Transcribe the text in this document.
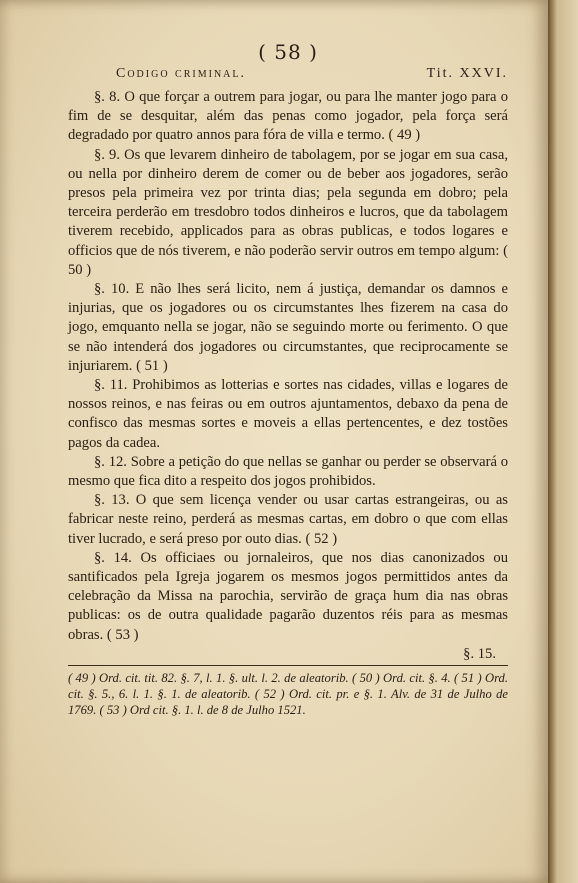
( 58 )
Codigo criminal.	Tit. XXVI.

§. 8. O que forçar a outrem para jogar, ou para lhe manter jogo para o fim de se desquitar, além das penas como jogador, pela força será degradado por quatro annos para fóra de villa e termo. ( 49 )

§. 9. Os que levarem dinheiro de tabolagem, por se jogar em sua casa, ou nella por dinheiro derem de comer ou de beber aos jogadores, serão presos pela primeira vez por trinta dias; pela segunda em dobro; pela terceira perderão em tresdobro todos dinheiros e lucros, que da tabolagem tiverem recebido, applicados para as obras publicas, e todos logares e officios que de nós tiverem, e não poderão servir outros em tempo algum: ( 50 )

§. 10. E não lhes será licito, nem á justiça, demandar os damnos e injurias, que os jogadores ou os circumstantes lhes fizerem na casa do jogo, emquanto nella se jogar, não se seguindo morte ou ferimento. O que se não intenderá dos jogadores ou circumstantes, que reciprocamente se injuriarem. ( 51 )

§. 11. Prohibimos as lotterias e sortes nas cidades, villas e logares de nossos reinos, e nas feiras ou em outros ajuntamentos, debaxo da pena de confisco das mesmas sortes e moveis a ellas pertencentes, e dez tostões pagos da cadea.

§. 12. Sobre a petição do que nellas se ganhar ou perder se observará o mesmo que fica dito a respeito dos jogos prohibidos.

§. 13. O que sem licença vender ou usar cartas estrangeiras, ou as fabricar neste reino, perderá as mesmas cartas, em dobro o que com ellas tiver lucrado, e será preso por outo dias. ( 52 )

§. 14. Os officiaes ou jornaleiros, que nos dias canonizados ou santificados pela Igreja jogarem os mesmos jogos permittidos antes da celebração da Missa na parochia, servirão de graça hum dia nas obras publicas: os de outra qualidade pagarão duzentos réis para as mesmas obras. ( 53 )

§. 15.

( 49 ) Ord. cit. tit. 82. §. 7, l. 1. §. ult. l. 2. de aleatorib. ( 50 ) Ord. cit. §. 4. ( 51 ) Ord. cit. §. 5., 6. l. 1. §. 1. de aleatorib. ( 52 ) Ord. cit. pr. e §. 1. Alv. de 31 de Julho de 1769. ( 53 ) Ord cit. §. 1. l. de 8 de Julho 1521.
